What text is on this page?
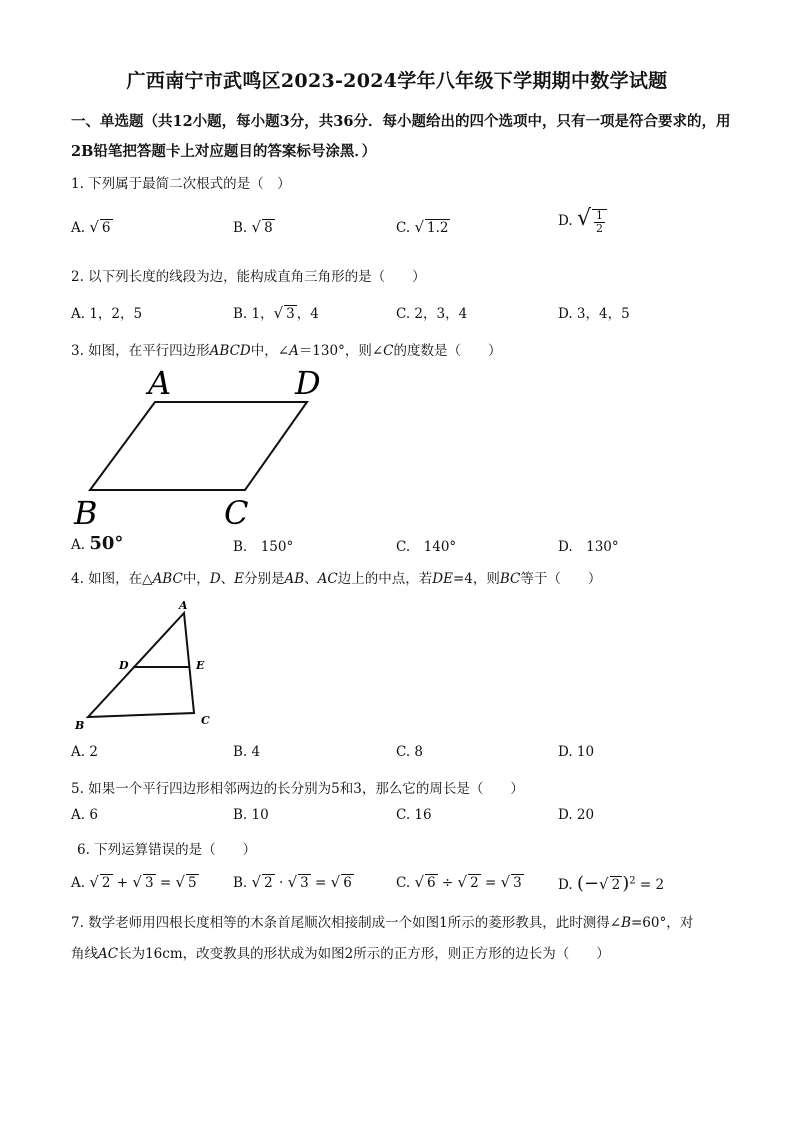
广西南宁市武鸣区2023-2024学年八年级下学期期中数学试题
一、单选题（共12小题，每小题3分，共36分．每小题给出的四个选项中，只有一项是符合要求的，用2B铅笔把答题卡上对应题目的答案标号涂黑．）
1. 下列属于最简二次根式的是（　）
A. √ 6	B. √ 8	C. √ 1.2	D. √ $\frac{1}{2}$
2. 以下列长度的线段为边，能构成直角三角形的是（　　）
A. 1，2，5	B. 1，√ 3 ，4	C. 2，3，4	D. 3，4，5
3. 如图，在平行四边形ABCD中，∠A＝130°，则∠C的度数是（　　）
A	D
B	C
A. 50°	B.　150°	C.　140°	D.　130°
4. 如图，在△ABC中，D、E分别是AB、AC边上的中点，若DE=4，则BC等于（　　）
A
D	E
B	C
A. 2	B. 4	C. 8	D. 10
5. 如果一个平行四边形相邻两边的长分别为5和3，那么它的周长是（　　）
A. 6	B. 10	C. 16	D. 20
6. 下列运算错误的是（　　）
A. √ 2 + √ 3 = √ 5	B. √ 2 · √ 3 = √ 6	C. √ 6 ÷ √ 2 = √ 3	D. (−√ 2 )$^2$ = 2
7. 数学老师用四根长度相等的木条首尾顺次相接制成一个如图1所示的菱形教具，此时测得∠B=60°，对
角线AC长为16cm，改变教具的形状成为如图2所示的正方形，则正方形的边长为（　　）
